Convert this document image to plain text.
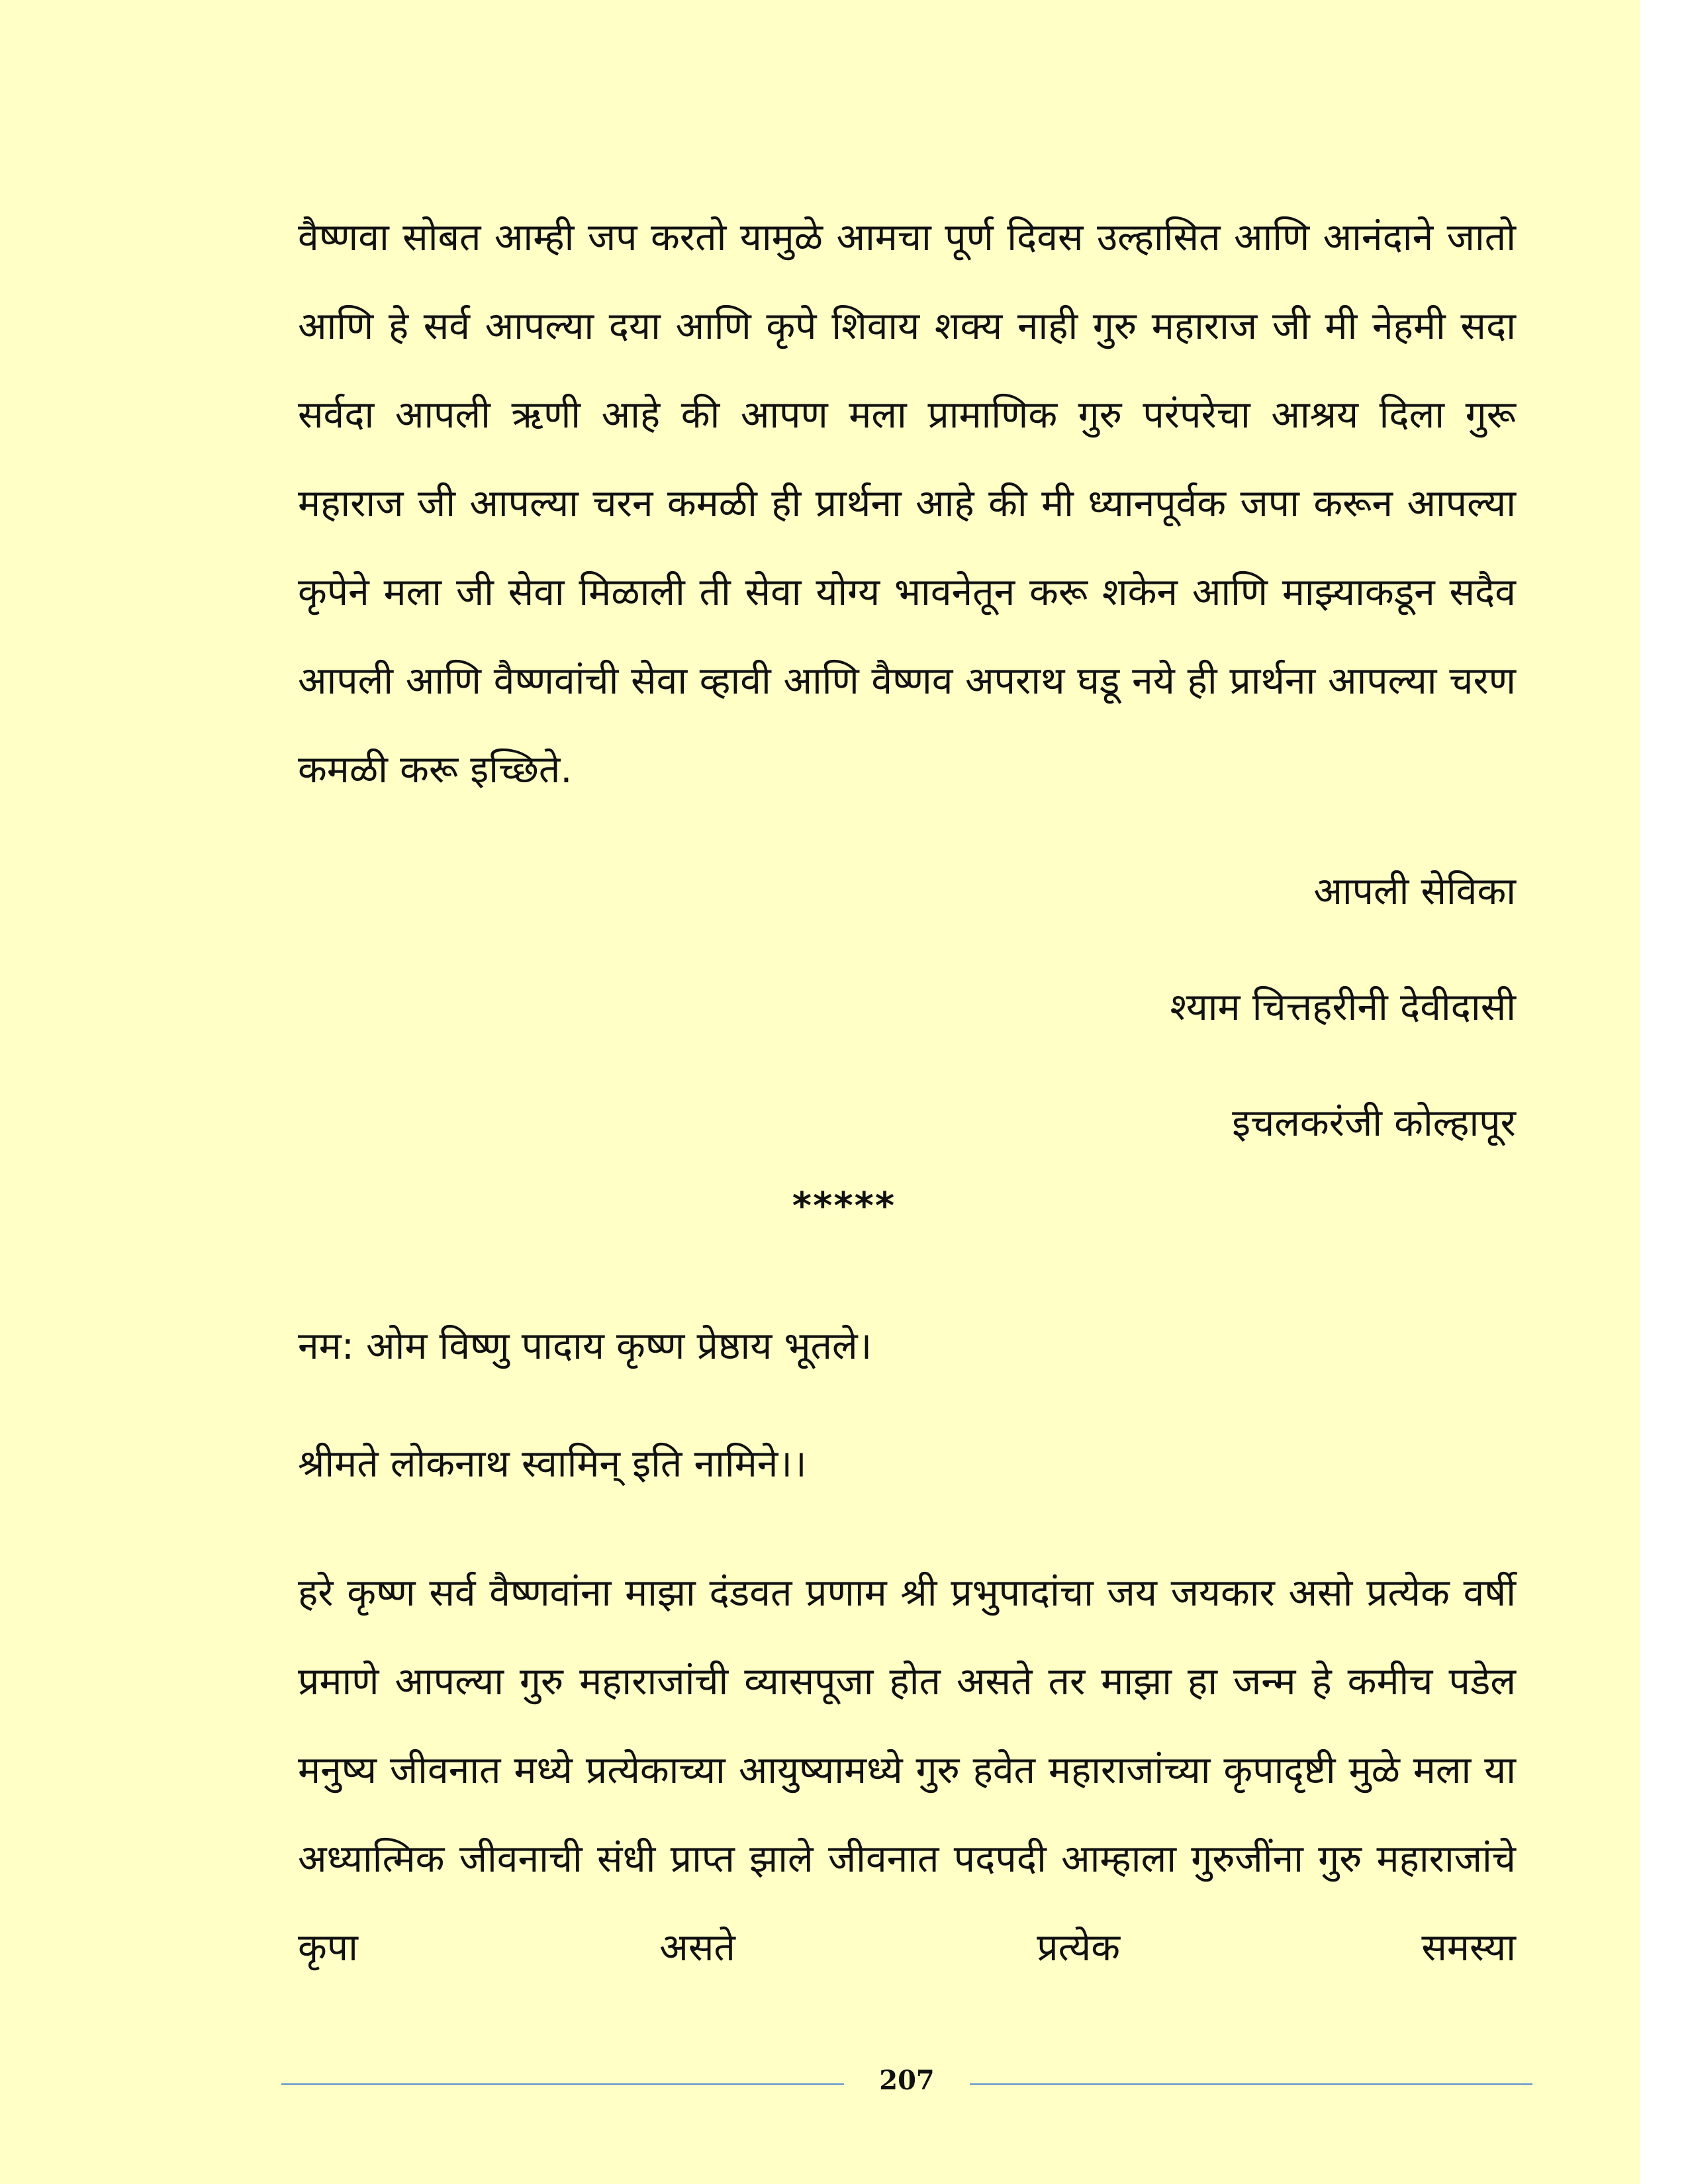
वैष्णवा सोबत आम्ही जप करतो यामुळे आमचा पूर्ण दिवस उल्हासित आणि आनंदाने जातो आणि हे सर्व आपल्या दया आणि कृपे शिवाय शक्य नाही गुरु महाराज जी मी नेहमी सदा सर्वदा आपली ऋणी आहे की आपण मला प्रामाणिक गुरु परंपरेचा आश्रय दिला गुरू महाराज जी आपल्या चरन कमळी ही प्रार्थना आहे की मी ध्यानपूर्वक जपा करून आपल्या कृपेने मला जी सेवा मिळाली ती सेवा योग्य भावनेतून करू शकेन आणि माझ्याकडून सदैव आपली आणि वैष्णवांची सेवा व्हावी आणि वैष्णव अपराथ घडू नये ही प्रार्थना आपल्या चरण कमळी करू इच्छिते.

आपली सेविका
श्याम चित्तहरीनी देवीदासी
इचलकरंजी कोल्हापूर
*****
नम: ओम विष्णु पादाय कृष्ण प्रेष्ठाय भूतले।
श्रीमते लोकनाथ स्वामिन् इति नामिने।।

हरे कृष्ण सर्व वैष्णवांना माझा दंडवत प्रणाम श्री प्रभुपादांचा जय जयकार असो प्रत्येक वर्षी प्रमाणे आपल्या गुरु महाराजांची व्यासपूजा होत असते तर माझा हा जन्म हे कमीच पडेल मनुष्य जीवनात मध्ये प्रत्येकाच्या आयुष्यामध्ये गुरु हवेत महाराजांच्या कृपादृष्टी मुळे मला या अध्यात्मिक जीवनाची संधी प्राप्त झाले जीवनात पदपदी आम्हाला गुरुजींना गुरु महाराजांचे कृपा असते प्रत्येक समस्या

207
